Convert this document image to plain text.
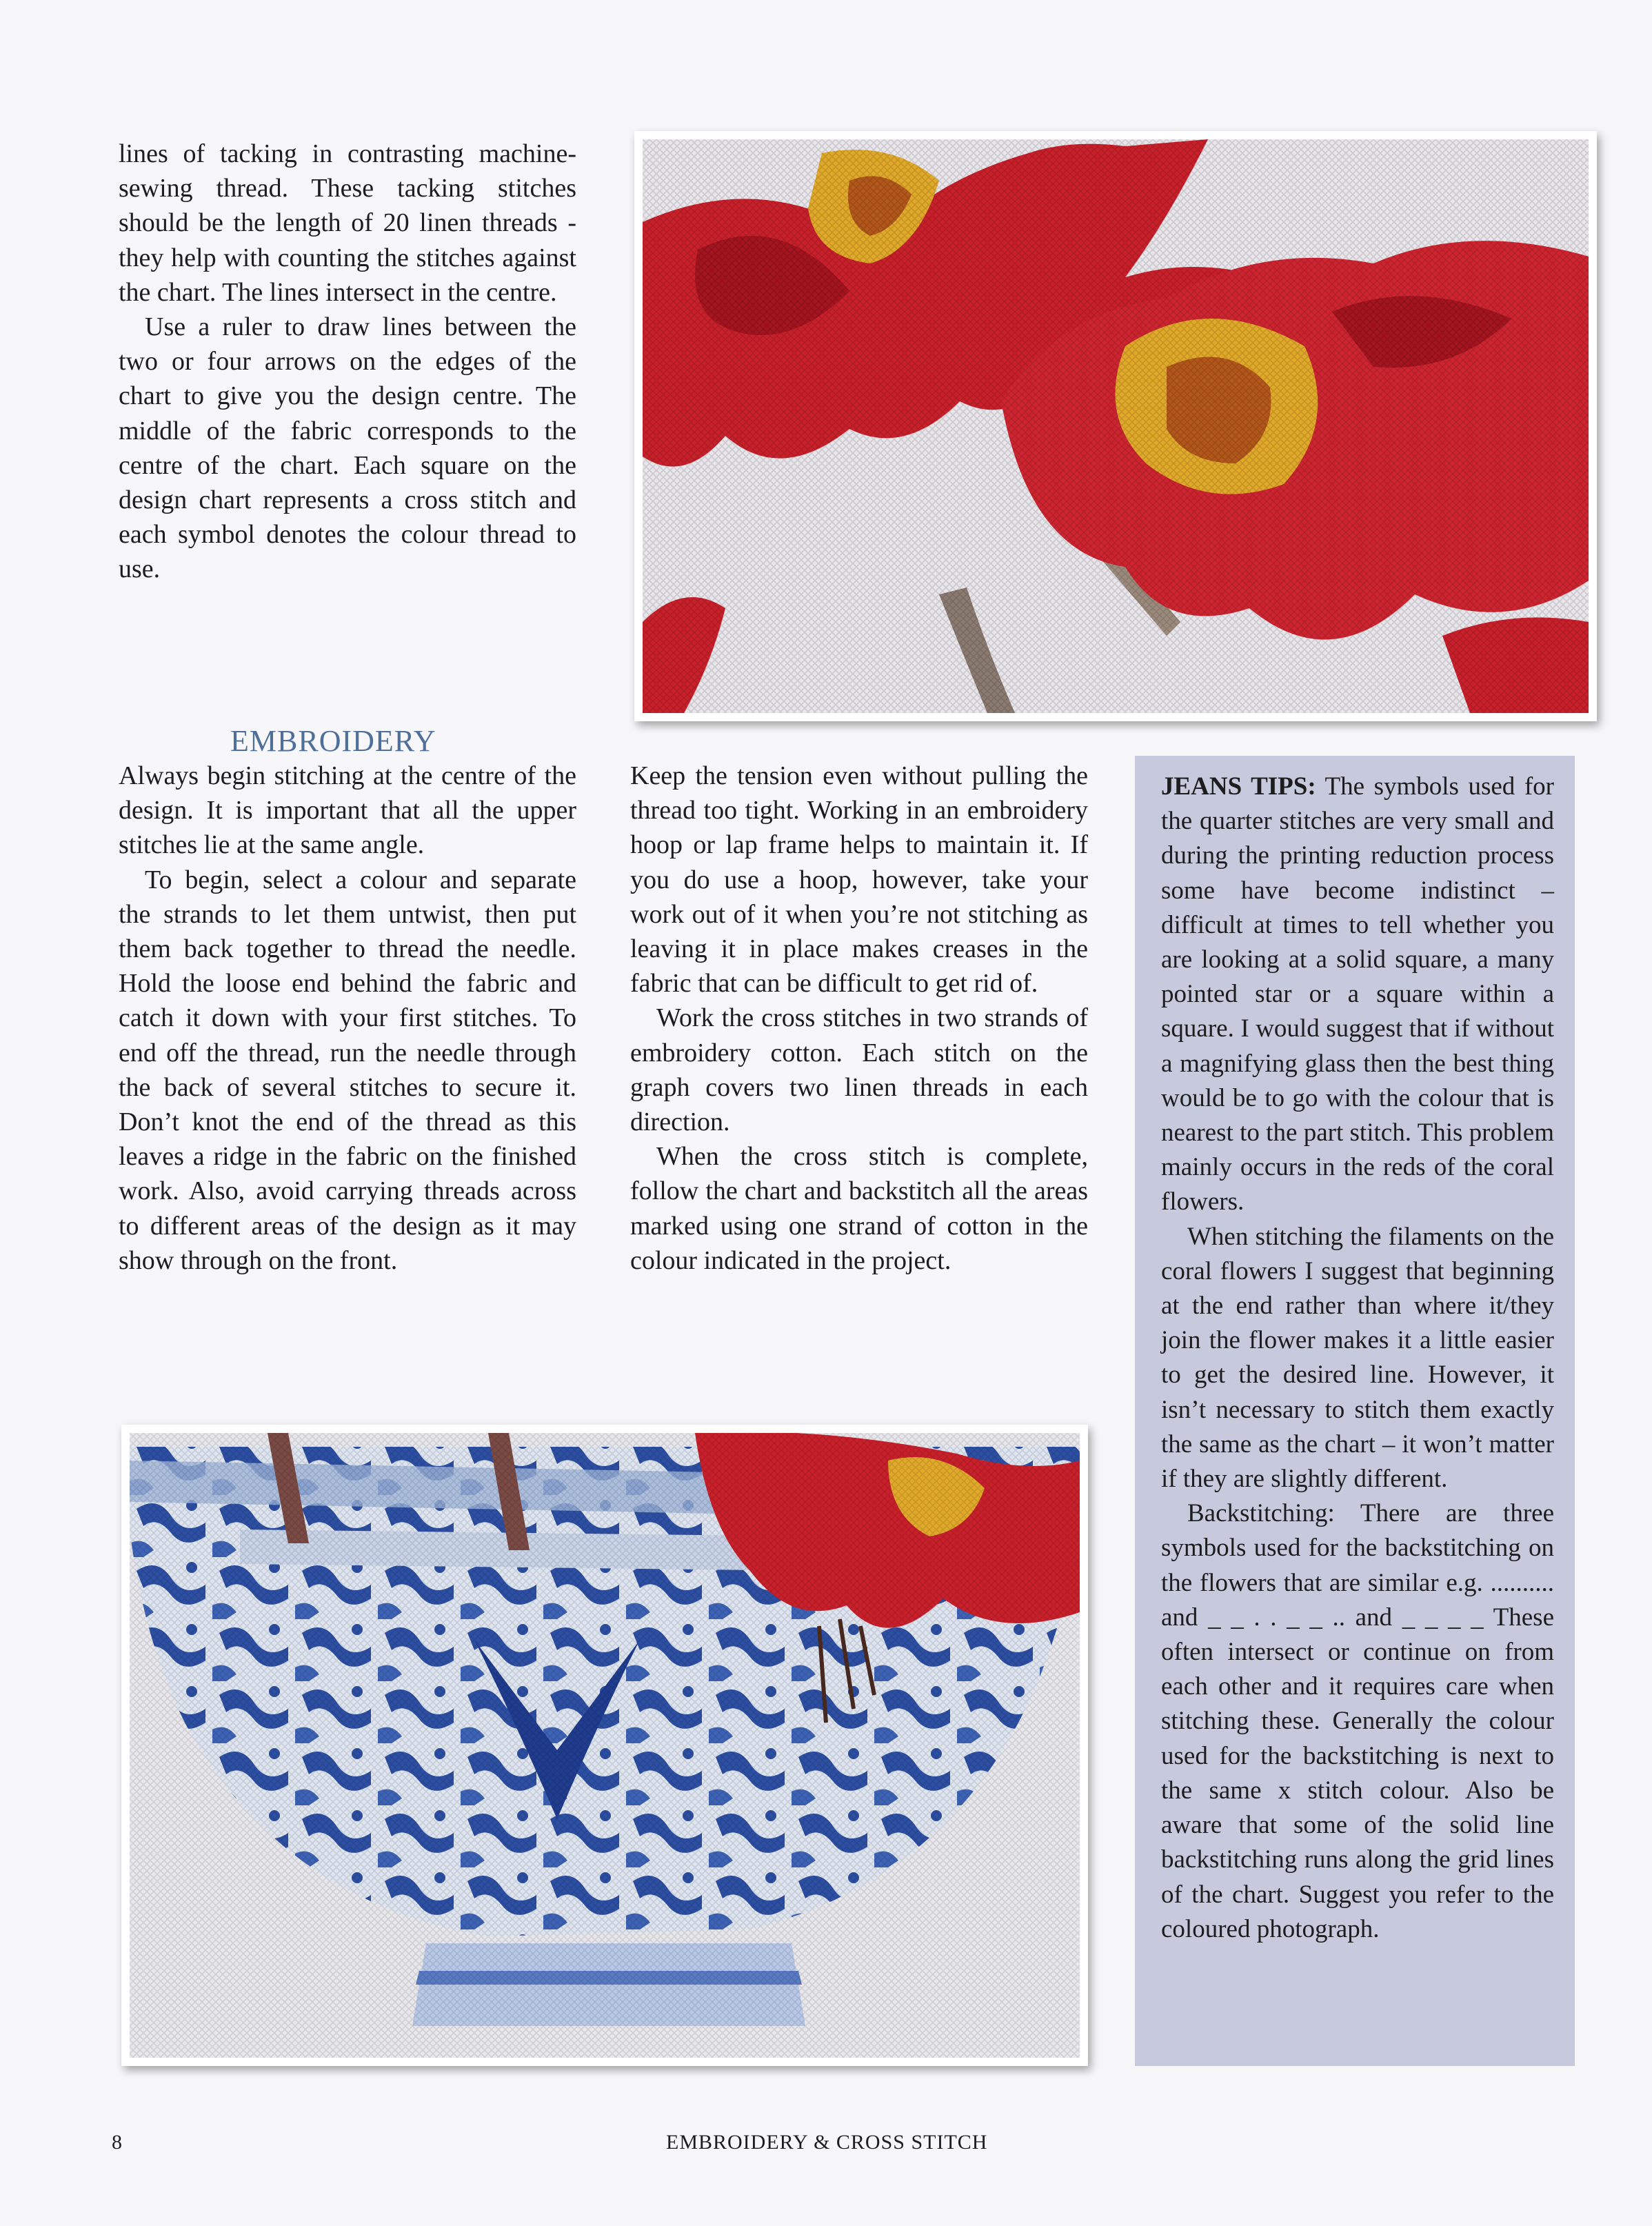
lines of tacking in contrasting machine-sewing thread. These tacking stitches should be the length of 20 linen threads - they help with counting the stitches against the chart. The lines intersect in the centre.

Use a ruler to draw lines between the two or four arrows on the edges of the chart to give you the design centre. The middle of the fabric corresponds to the centre of the chart. Each square on the design chart represents a cross stitch and each symbol denotes the colour thread to use.

EMBROIDERY

Always begin stitching at the centre of the design. It is important that all the upper stitches lie at the same angle.

To begin, select a colour and separate the strands to let them untwist, then put them back together to thread the needle. Hold the loose end behind the fabric and catch it down with your first stitches. To end off the thread, run the needle through the back of several stitches to secure it. Don’t knot the end of the thread as this leaves a ridge in the fabric on the finished work. Also, avoid carrying threads across to different areas of the design as it may show through on the front.

Keep the tension even without pulling the thread too tight. Working in an embroidery hoop or lap frame helps to maintain it. If you do use a hoop, however, take your work out of it when you’re not stitching as leaving it in place makes creases in the fabric that can be difficult to get rid of.

Work the cross stitches in two strands of embroidery cotton. Each stitch on the graph covers two linen threads in each direction.

When the cross stitch is complete, follow the chart and backstitch all the areas marked using one strand of cotton in the colour indicated in the project.

JEANS TIPS: The symbols used for the quarter stitches are very small and during the printing reduction process some have become indistinct – difficult at times to tell whether you are looking at a solid square, a many pointed star or a square within a square. I would suggest that if without a magnifying glass then the best thing would be to go with the colour that is nearest to the part stitch. This problem mainly occurs in the reds of the coral flowers.

When stitching the filaments on the coral flowers I suggest that beginning at the end rather than where it/they join the flower makes it a little easier to get the desired line. However, it isn’t necessary to stitch them exactly the same as the chart – it won’t matter if they are slightly different.

Backstitching: There are three symbols used for the backstitching on the flowers that are similar e.g. .......... and _ _ . . _ _ .. and _ _ _ _ These often intersect or continue on from each other and it requires care when stitching these. Generally the colour used for the backstitching is next to the same x stitch colour. Also be aware that some of the solid line backstitching runs along the grid lines of the chart. Suggest you refer to the coloured photograph.

8	EMBROIDERY & CROSS STITCH
